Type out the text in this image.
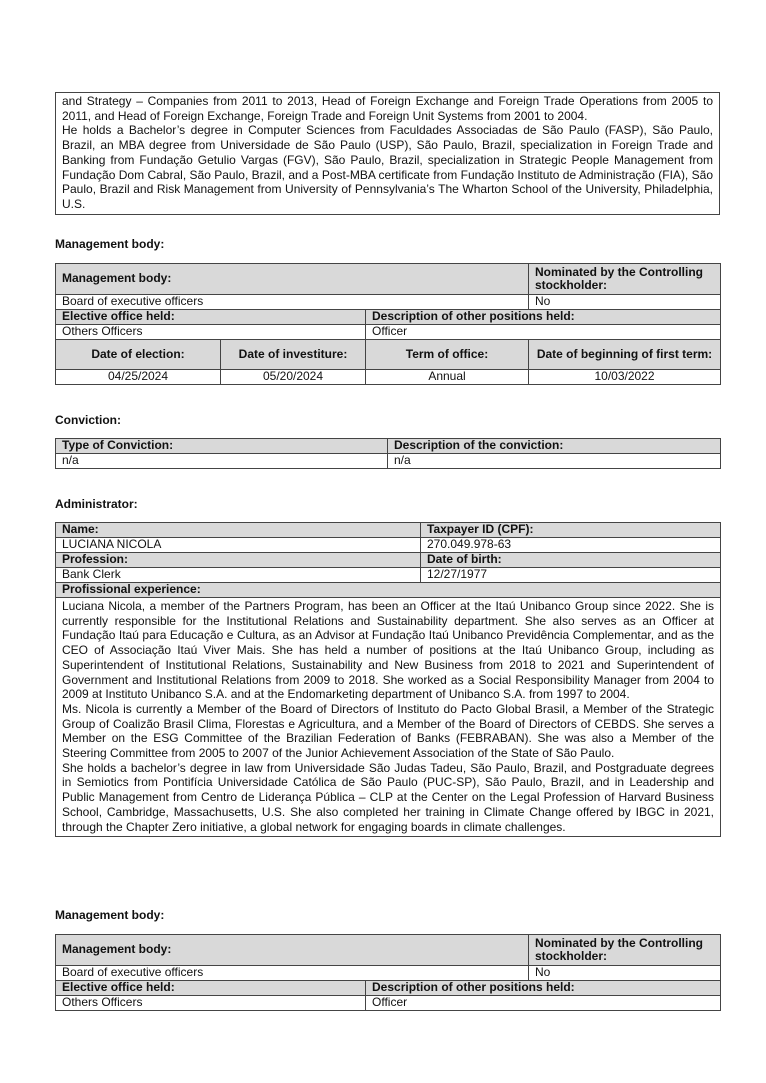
and Strategy – Companies from 2011 to 2013, Head of Foreign Exchange and Foreign Trade Operations from 2005 to 2011, and Head of Foreign Exchange, Foreign Trade and Foreign Unit Systems from 2001 to 2004.

He holds a Bachelor’s degree in Computer Sciences from Faculdades Associadas de São Paulo (FASP), São Paulo, Brazil, an MBA degree from Universidade de São Paulo (USP), São Paulo, Brazil, specialization in Foreign Trade and Banking from Fundação Getulio Vargas (FGV), São Paulo, Brazil, specialization in Strategic People Management from Fundação Dom Cabral, São Paulo, Brazil, and a Post-MBA certificate from Fundação Instituto de Administração (FIA), São Paulo, Brazil and Risk Management from University of Pennsylvania’s The Wharton School of the University, Philadelphia, U.S.

Management body:
Management body:			Nominated by the Controlling stockholder:
Board of executive officers			No
Elective office held:		Description of other positions held:	
Others Officers		Officer	
Date of election:	Date of investiture:	Term of office:	Date of beginning of first term:
04/25/2024	05/20/2024	Annual	10/03/2022
Conviction:
Type of Conviction:	Description of the conviction:
n/a	n/a
Administrator:
Name:	Taxpayer ID (CPF):
LUCIANA NICOLA	270.049.978-63
Profession:	Date of birth:
Bank Clerk	12/27/1977
Profissional experience:	

Luciana Nicola, a member of the Partners Program, has been an Officer at the Itaú Unibanco Group since 2022. She is currently responsible for the Institutional Relations and Sustainability department. She also serves as an Officer at Fundação Itaú para Educação e Cultura, as an Advisor at Fundação Itaú Unibanco Previdência Complementar, and as the CEO of Associação Itaú Viver Mais. She has held a number of positions at the Itaú Unibanco Group, including as Superintendent of Institutional Relations, Sustainability and New Business from 2018 to 2021 and Superintendent of Government and Institutional Relations from 2009 to 2018. She worked as a Social Responsibility Manager from 2004 to 2009 at Instituto Unibanco S.A. and at the Endomarketing department of Unibanco S.A. from 1997 to 2004.

Ms. Nicola is currently a Member of the Board of Directors of Instituto do Pacto Global Brasil, a Member of the Strategic Group of Coalizão Brasil Clima, Florestas e Agricultura, and a Member of the Board of Directors of CEBDS. She serves a Member on the ESG Committee of the Brazilian Federation of Banks (FEBRABAN). She was also a Member of the Steering Committee from 2005 to 2007 of the Junior Achievement Association of the State of São Paulo.

She holds a bachelor’s degree in law from Universidade São Judas Tadeu, São Paulo, Brazil, and Postgraduate degrees in Semiotics from Pontifícia Universidade Católica de São Paulo (PUC-SP), São Paulo, Brazil, and in Leadership and Public Management from Centro de Liderança Pública – CLP at the Center on the Legal Profession of Harvard Business School, Cambridge, Massachusetts, U.S. She also completed her training in Climate Change offered by IBGC in 2021, through the Chapter Zero initiative, a global network for engaging boards in climate challenges.	

Management body:
Management body:		Nominated by the Controlling stockholder:
Board of executive officers		No
Elective office held:	Description of other positions held:	
Others Officers	Officer	
